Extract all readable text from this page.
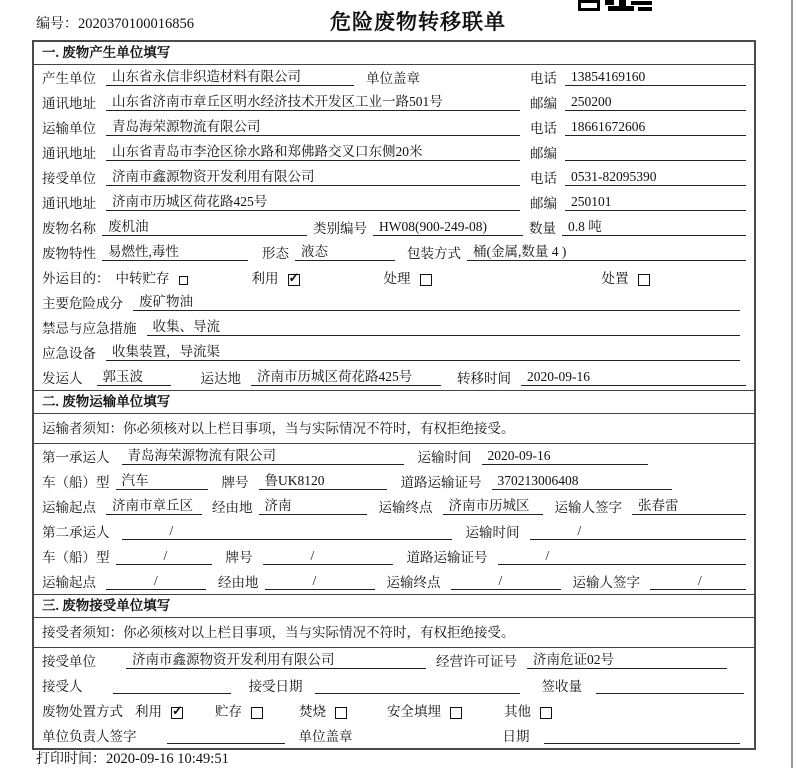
编号：2020370100016856	危险废物转移联单
一. 废物产生单位填写
产生单位	山东省永信非织造材料有限公司	单位盖章	电话	13854169160
通讯地址	山东省济南市章丘区明水经济技术开发区工业一路501号	邮编	250200
运输单位	青岛海荣源物流有限公司	电话	18661672606
通讯地址	山东省青岛市李沧区徐水路和郑佛路交叉口东侧20米	邮编
接受单位	济南市鑫源物资开发利用有限公司	电话	0531-82095390
通讯地址	济南市历城区荷花路425号	邮编	250101
废物名称 废机油	类别编号 HW08(900-249-08)	数量 0.8 吨
废物特性 易燃性,毒性	形态 液态	包装方式 桶(金属,数量 4 )
外运目的： 中转贮存	利用 ✓	处理	处置
主要危险成分	废矿物油
禁忌与应急措施	收集、导流
应急设备	收集装置，导流渠
发运人	郭玉波	运达地	济南市历城区荷花路425号	转移时间	2020-09-16
二. 废物运输单位填写
运输者须知：你必须核对以上栏目事项，当与实际情况不符时，有权拒绝接受。
第一承运人	青岛海荣源物流有限公司	运输时间	2020-09-16
车（船）型 汽车	牌号	鲁UK8120	道路运输证号	370213006408
运输起点	济南市章丘区	经由地 济南	运输终点	济南市历城区	运输人签字	张春雷
第二承运人	/	运输时间	/
车（船）型	/	牌号	/	道路运输证号	/
运输起点	/	经由地	/	运输终点	/	运输人签字	/
三. 废物接受单位填写
接受者须知：你必须核对以上栏目事项，当与实际情况不符时，有权拒绝接受。
接受单位	济南市鑫源物资开发利用有限公司	经营许可证号	济南危证02号
接受人	接受日期	签收量
废物处置方式 利用 ✓	贮存	焚烧	安全填埋	其他
单位负责人签字	单位盖章	日期
打印时间：2020-09-16 10:49:51
